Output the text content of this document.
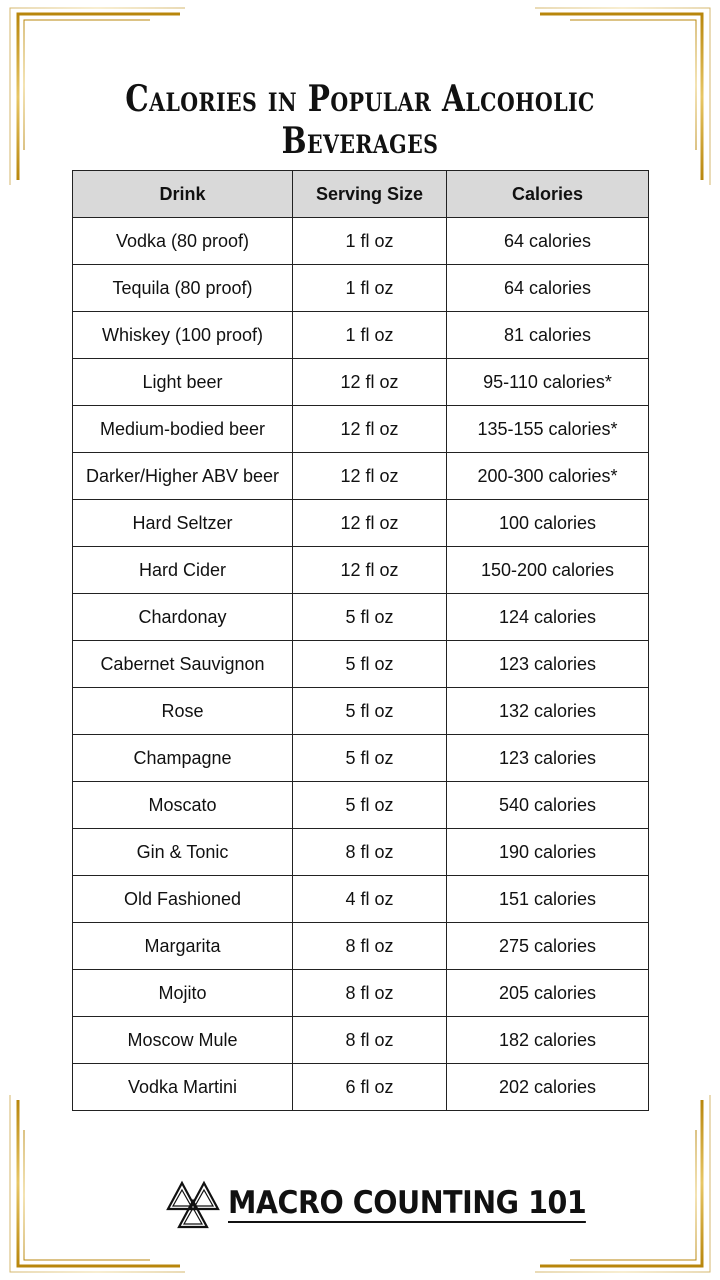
Calories in Popular Alcoholic Beverages
Drink	Serving Size	Calories
Vodka (80 proof)	1 fl oz	64 calories
Tequila (80 proof)	1 fl oz	64 calories
Whiskey (100 proof)	1 fl oz	81 calories
Light beer	12 fl oz	95-110 calories*
Medium-bodied beer	12 fl oz	135-155 calories*
Darker/Higher ABV beer	12 fl oz	200-300 calories*
Hard Seltzer	12 fl oz	100 calories
Hard Cider	12 fl oz	150-200 calories
Chardonay	5 fl oz	124 calories
Cabernet Sauvignon	5 fl oz	123 calories
Rose	5 fl oz	132 calories
Champagne	5 fl oz	123 calories
Moscato	5 fl oz	540 calories
Gin & Tonic	8 fl oz	190 calories
Old Fashioned	4 fl oz	151 calories
Margarita	8 fl oz	275 calories
Mojito	8 fl oz	205 calories
Moscow Mule	8 fl oz	182 calories
Vodka Martini	6 fl oz	202 calories
MACRO COUNTING 101
